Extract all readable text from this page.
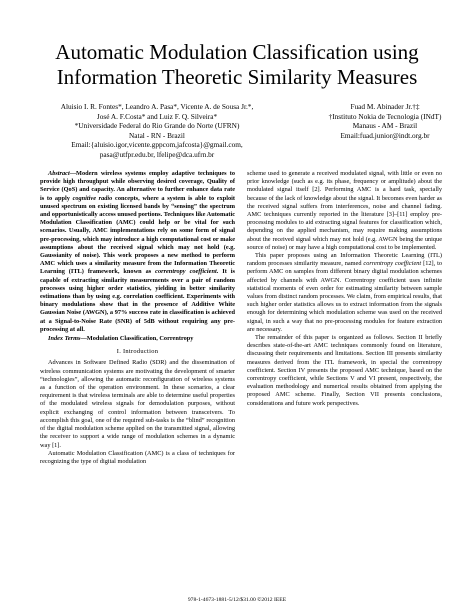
Automatic Modulation Classification using
Information Theoretic Similarity Measures
Aluisio I. R. Fontes*, Leandro A. Pasa*, Vicente A. de Sousa Jr.*,
José A. F.Costa* and Luiz F. Q. Silveira*
*Universidade Federal do Rio Grande do Norte (UFRN)
Natal - RN - Brazil
Email:{aluisio.igor,vicente.gppcom,jafcosta}@gmail.com,
pasa@utfpr.edu.br, lfelipe@dca.ufrn.br
Fuad M. Abinader Jr.†‡
†Instituto Nokia de Tecnologia (INdT)
Manaus - AM - Brazil
Email:fuad.junior@indt.org.br

Abstract—Modern wireless systems employ adaptive techniques to provide high throughput while observing desired coverage, Quality of Service (QoS) and capacity. An alternative to further enhance data rate is to apply cognitive radio concepts, where a system is able to exploit unused spectrum on existing licensed bands by “sensing” the spectrum and opportunistically access unused portions. Techniques like Automatic Modulation Classification (AMC) could help or be vital for such scenarios. Usually, AMC implementations rely on some form of signal pre-processing, which may introduce a high computational cost or make assumptions about the received signal which may not hold (e.g. Gaussianity of noise). This work proposes a new method to perform AMC which uses a similarity measure from the Information Theoretic Learning (ITL) framework, known as correntropy coefficient. It is capable of extracting similarity measurements over a pair of random processes using higher order statistics, yielding in better similarity estimations than by using e.g. correlation coefficient. Experiments with binary modulations show that in the presence of Additive White Gaussian Noise (AWGN), a 97% success rate in classification is achieved at a Signal-to-Noise Rate (SNR) of 5dB without requiring any pre-processing at all.

Index Terms—Modulation Classification, Correntropy

I. Introduction

Advances in Software Defined Radio (SDR) and the dissemination of wireless communication systems are motivating the development of smarter “technologies”, allowing the automatic reconfiguration of wireless systems as a function of the operation environment. In these scenarios, a clear requirement is that wireless terminals are able to determine useful properties of the modulated wireless signals for demodulation purposes, without explicit exchanging of control information between transceivers. To accomplish this goal, one of the required sub-tasks is the “blind” recognition of the digital modulation scheme applied on the transmitted signal, allowing the receiver to support a wide range of modulation schemes in a dynamic way [1].

Automatic Modulation Classification (AMC) is a class of techniques for recognizing the type of digital modulation

scheme used to generate a received modulated signal, with little or even no prior knowledge (such as e.g. its phase, frequency or amplitude) about the modulated signal itself [2]. Performing AMC is a hard task, specially because of the lack of knowledge about the signal. It becomes even harder as the received signal suffers from interferences, noise and channel fading. AMC techniques currently reported in the literature [3]–[11] employ pre-processing modules to aid extracting signal features for classification which, depending on the applied mechanism, may require making assumptions about the received signal which may not hold (e.g. AWGN being the unique source of noise) or may have a high computational cost to be implemented.

This paper proposes using an Information Theoretic Learning (ITL) random processes similarity measure, named correntropy coefficient [12], to perform AMC on samples from different binary digital modulation schemes affected by channels with AWGN. Correntropy coefficient uses infinite statistical moments of even order for estimating similarity between sample values from distinct random processes. We claim, from empirical results, that such higher order statistics allows us to extract information from the signals enough for determining which modulation scheme was used on the received signal, in such a way that no pre-processing modules for feature extraction are necessary.

The remainder of this paper is organized as follows. Section II briefly describes state-of-the-art AMC techniques commonly found on literature, discussing their requirements and limitations. Section III presents similarity measures derived from the ITL framework, in special the correntropy coefficient. Section IV presents the proposed AMC technique, based on the correntropy coefficient, while Sections V and VI present, respectively, the evaluation methodology and numerical results obtained from applying the proposed AMC scheme. Finally, Section VII presents conclusions, considerations and future work perspectives.

978-1-4673-1881-5/12/$31.00 ©2012 IEEE
